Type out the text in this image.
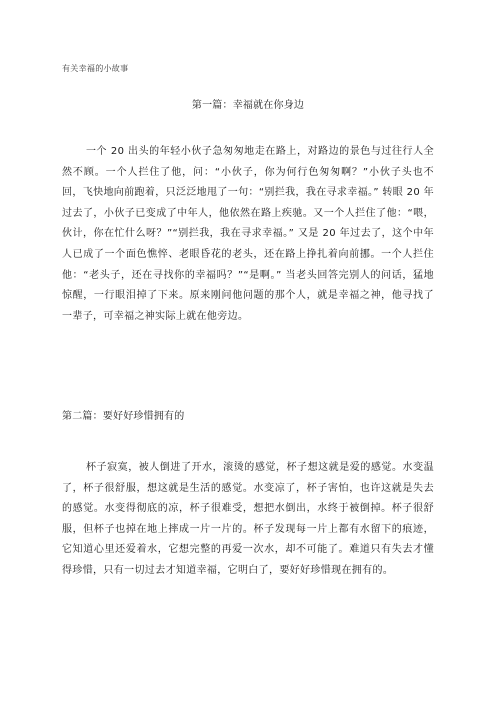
有关幸福的小故事
第一篇：幸福就在你身边

一个 20 出头的年轻小伙子急匆匆地走在路上，对路边的景色与过往行人全然不顾。一个人拦住了他，问：“小伙子，你为何行色匆匆啊？”小伙子头也不回，飞快地向前跑着，只泛泛地甩了一句：“别拦我，我在寻求幸福。” 转眼 20 年过去了，小伙子已变成了中年人，他依然在路上疾驰。又一个人拦住了他：“喂，伙计，你在忙什么呀？”“别拦我，我在寻求幸福。” 又是 20 年过去了，这个中年人已成了一个面色憔悴、老眼昏花的老头，还在路上挣扎着向前挪。一个人拦住他：“老头子，还在寻找你的幸福吗？”“是啊。” 当老头回答完别人的问话，猛地惊醒，一行眼泪掉了下来。原来刚问他问题的那个人，就是幸福之神，他寻找了一辈子，可幸福之神实际上就在他旁边。

第二篇：要好好珍惜拥有的

杯子寂寞，被人倒进了开水，滚烫的感觉，杯子想这就是爱的感觉。水变温了，杯子很舒服，想这就是生活的感觉。水变凉了，杯子害怕，也许这就是失去的感觉。水变得彻底的凉，杯子很难受，想把水倒出，水终于被倒掉。杯子很舒服，但杯子也掉在地上摔成一片一片的。杯子发现每一片上都有水留下的痕迹，它知道心里还爱着水，它想完整的再爱一次水，却不可能了。难道只有失去才懂得珍惜，只有一切过去才知道幸福，它明白了，要好好珍惜现在拥有的。
